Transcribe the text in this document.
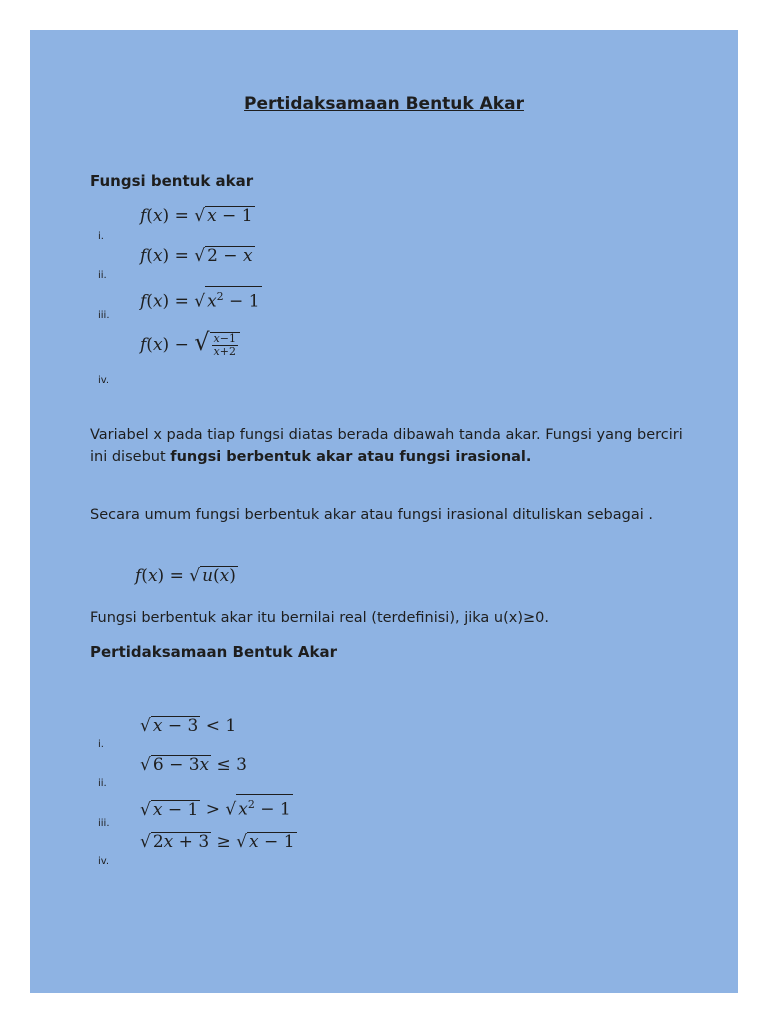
Pertidaksamaan Bentuk Akar
Fungsi bentuk akar
i.
f(x) = √ x − 1
ii.
f(x) = √ 2 − x
iii.
f(x) = √ $x^2 - 1$
iv.
f(x) − √ $\frac{x-1}{x+2}$
Variabel x pada tiap fungsi diatas berada dibawah tanda akar. Fungsi yang berciri ini disebut fungsi berbentuk akar atau fungsi irasional.
Secara umum fungsi berbentuk akar atau fungsi irasional dituliskan sebagai .
f(x) = √ u(x)
Fungsi berbentuk akar itu bernilai real (terdefinisi), jika u(x)≥0.
Pertidaksamaan Bentuk Akar
i.
√ x − 3 < 1
ii.
√ 6 − 3x ≤ 3
iii.
√ x − 1 > √ $x^2 - 1$
iv.
√ 2x + 3 ≥ √ x − 1
